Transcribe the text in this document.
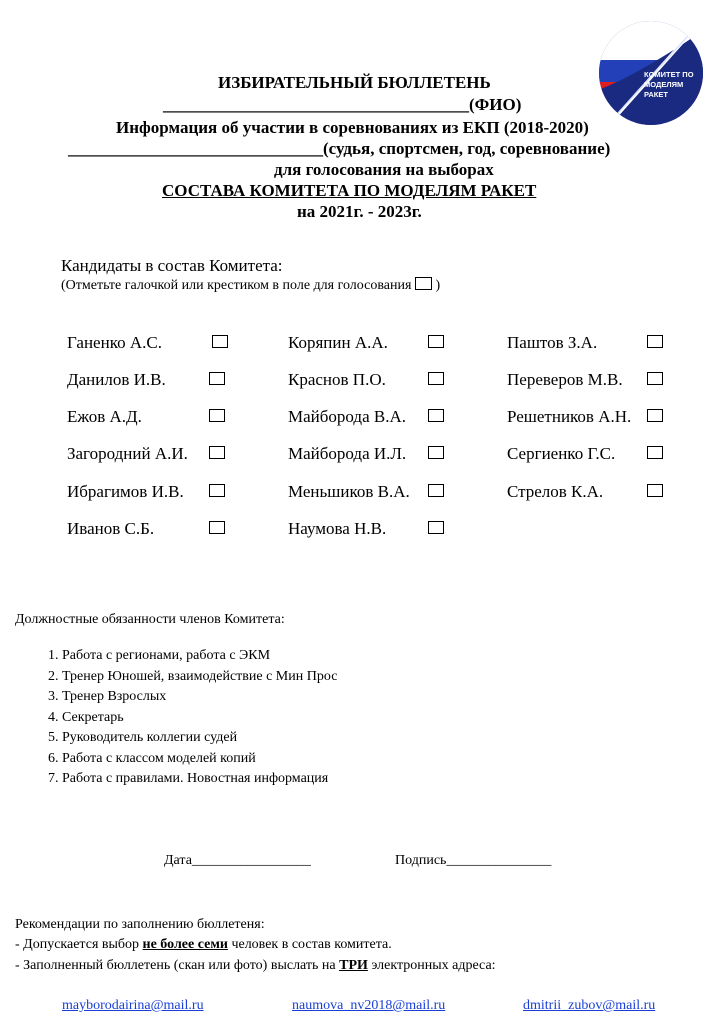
КОМИТЕТ ПО МОДЕЛЯМ РАКЕТ
ИЗБИРАТЕЛЬНЫЙ БЮЛЛЕТЕНЬ
____________________________________(ФИО)
Информация об участии в соревнованиях из ЕКП (2018-2020)
______________________________(судья, спортсмен, год, соревнование)
для голосования на выборах
СОСТАВА КОМИТЕТА ПО МОДЕЛЯМ РАКЕТ
на 2021г. - 2023г.
Кандидаты в состав Комитета:
(Отметьте галочкой или крестиком в поле для голосования )
Ганенко А.С.
Данилов И.В.
Ежов А.Д.
Загородний А.И.
Ибрагимов И.В.
Иванов С.Б.
Коряпин А.А.
Краснов П.О.
Майборода В.А.
Майборода И.Л.
Меньшиков В.А.
Наумова Н.В.
Паштов З.А.
Переверов М.В.
Решетников А.Н.
Сергиенко Г.С.
Стрелов К.А.
Должностные обязанности членов Комитета:
1. Работа с регионами, работа с ЭКМ
2. Тренер Юношей, взаимодействие с Мин Прос
3. Тренер Взрослых
4. Секретарь
5. Руководитель коллегии судей
6. Работа с классом моделей копий
7. Работа с правилами. Новостная информация
Дата_________________	Подпись_______________
Рекомендации по заполнению бюллетеня:
- Допускается выбор не более семи человек в состав комитета.
- Заполненный бюллетень (скан или фото) выслать на ТРИ электронных адреса:
mayborodairina@mail.ru	naumova_nv2018@mail.ru	dmitrii_zubov@mail.ru
